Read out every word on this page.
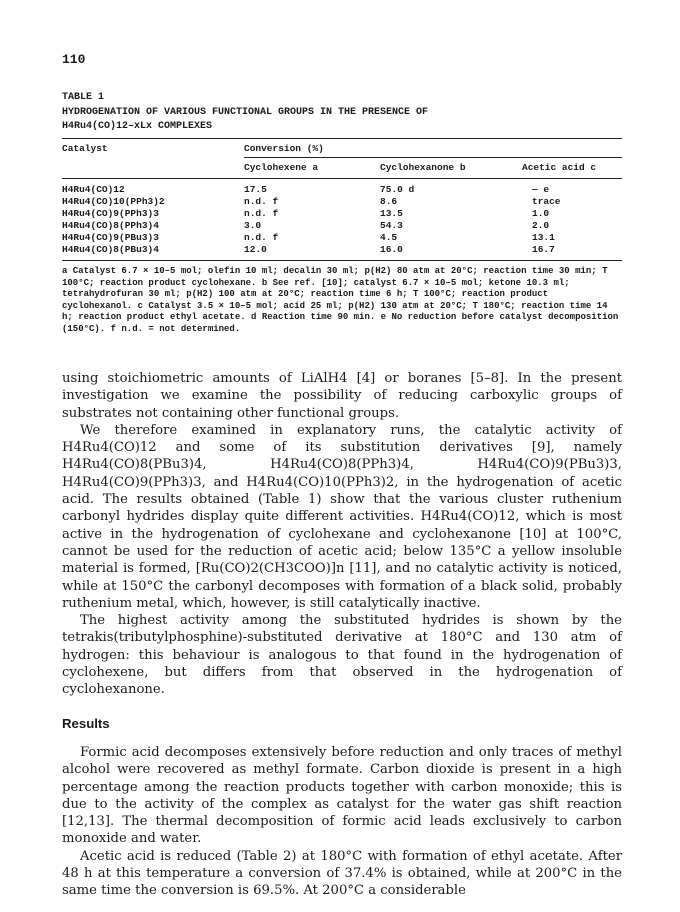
110
TABLE 1
HYDROGENATION OF VARIOUS FUNCTIONAL GROUPS IN THE PRESENCE OF
H4Ru4(CO)12–xLx COMPLEXES
Catalyst	Conversion (%)
Cyclohexene a	Cyclohexanone b	Acetic acid c
H4Ru4(CO)12	17.5	75.0 d	— e
H4Ru4(CO)10(PPh3)2	n.d. f	8.6	trace
H4Ru4(CO)9(PPh3)3	n.d. f	13.5	1.0
H4Ru4(CO)8(PPh3)4	3.0	54.3	2.0
H4Ru4(CO)9(PBu3)3	n.d. f	4.5	13.1
H4Ru4(CO)8(PBu3)4	12.0	16.0	16.7
a Catalyst 6.7 × 10–5 mol; olefin 10 ml; decalin 30 ml; p(H2) 80 atm at 20°C; reaction time 30 min; T 100°C; reaction product cyclohexane. b See ref. [10]; catalyst 6.7 × 10–5 mol; ketone 10.3 ml; tetrahydrofuran 30 ml; p(H2) 100 atm at 20°C; reaction time 6 h; T 100°C; reaction product cyclohexanol. c Catalyst 3.5 × 10–5 mol; acid 25 ml; p(H2) 130 atm at 20°C; T 180°C; reaction time 14 h; reaction product ethyl acetate. d Reaction time 90 min. e No reduction before catalyst decomposition (150°C). f n.d. = not determined.

using stoichiometric amounts of LiAlH4 [4] or boranes [5–8]. In the present investigation we examine the possibility of reducing carboxylic groups of substrates not containing other functional groups.

We therefore examined in explanatory runs, the catalytic activity of H4Ru4(CO)12 and some of its substitution derivatives [9], namely H4Ru4(CO)8(PBu3)4, H4Ru4(CO)8(PPh3)4, H4Ru4(CO)9(PBu3)3, H4Ru4(CO)9(PPh3)3, and H4Ru4(CO)10(PPh3)2, in the hydrogenation of acetic acid. The results obtained (Table 1) show that the various cluster ruthenium carbonyl hydrides display quite different activities. H4Ru4(CO)12, which is most active in the hydrogenation of cyclohexane and cyclohexanone [10] at 100°C, cannot be used for the reduction of acetic acid; below 135°C a yellow insoluble material is formed, [Ru(CO)2(CH3COO)]n [11], and no catalytic activity is noticed, while at 150°C the carbonyl decomposes with formation of a black solid, probably ruthenium metal, which, however, is still catalytically inactive.

The highest activity among the substituted hydrides is shown by the tetrakis(tributylphosphine)-substituted derivative at 180°C and 130 atm of hydrogen: this behaviour is analogous to that found in the hydrogenation of cyclohexene, but differs from that observed in the hydrogenation of cyclohexanone.

Results

Formic acid decomposes extensively before reduction and only traces of methyl alcohol were recovered as methyl formate. Carbon dioxide is present in a high percentage among the reaction products together with carbon monoxide; this is due to the activity of the complex as catalyst for the water gas shift reaction [12,13]. The thermal decomposition of formic acid leads exclusively to carbon monoxide and water.

Acetic acid is reduced (Table 2) at 180°C with formation of ethyl acetate. After 48 h at this temperature a conversion of 37.4% is obtained, while at 200°C in the same time the conversion is 69.5%. At 200°C a considerable
